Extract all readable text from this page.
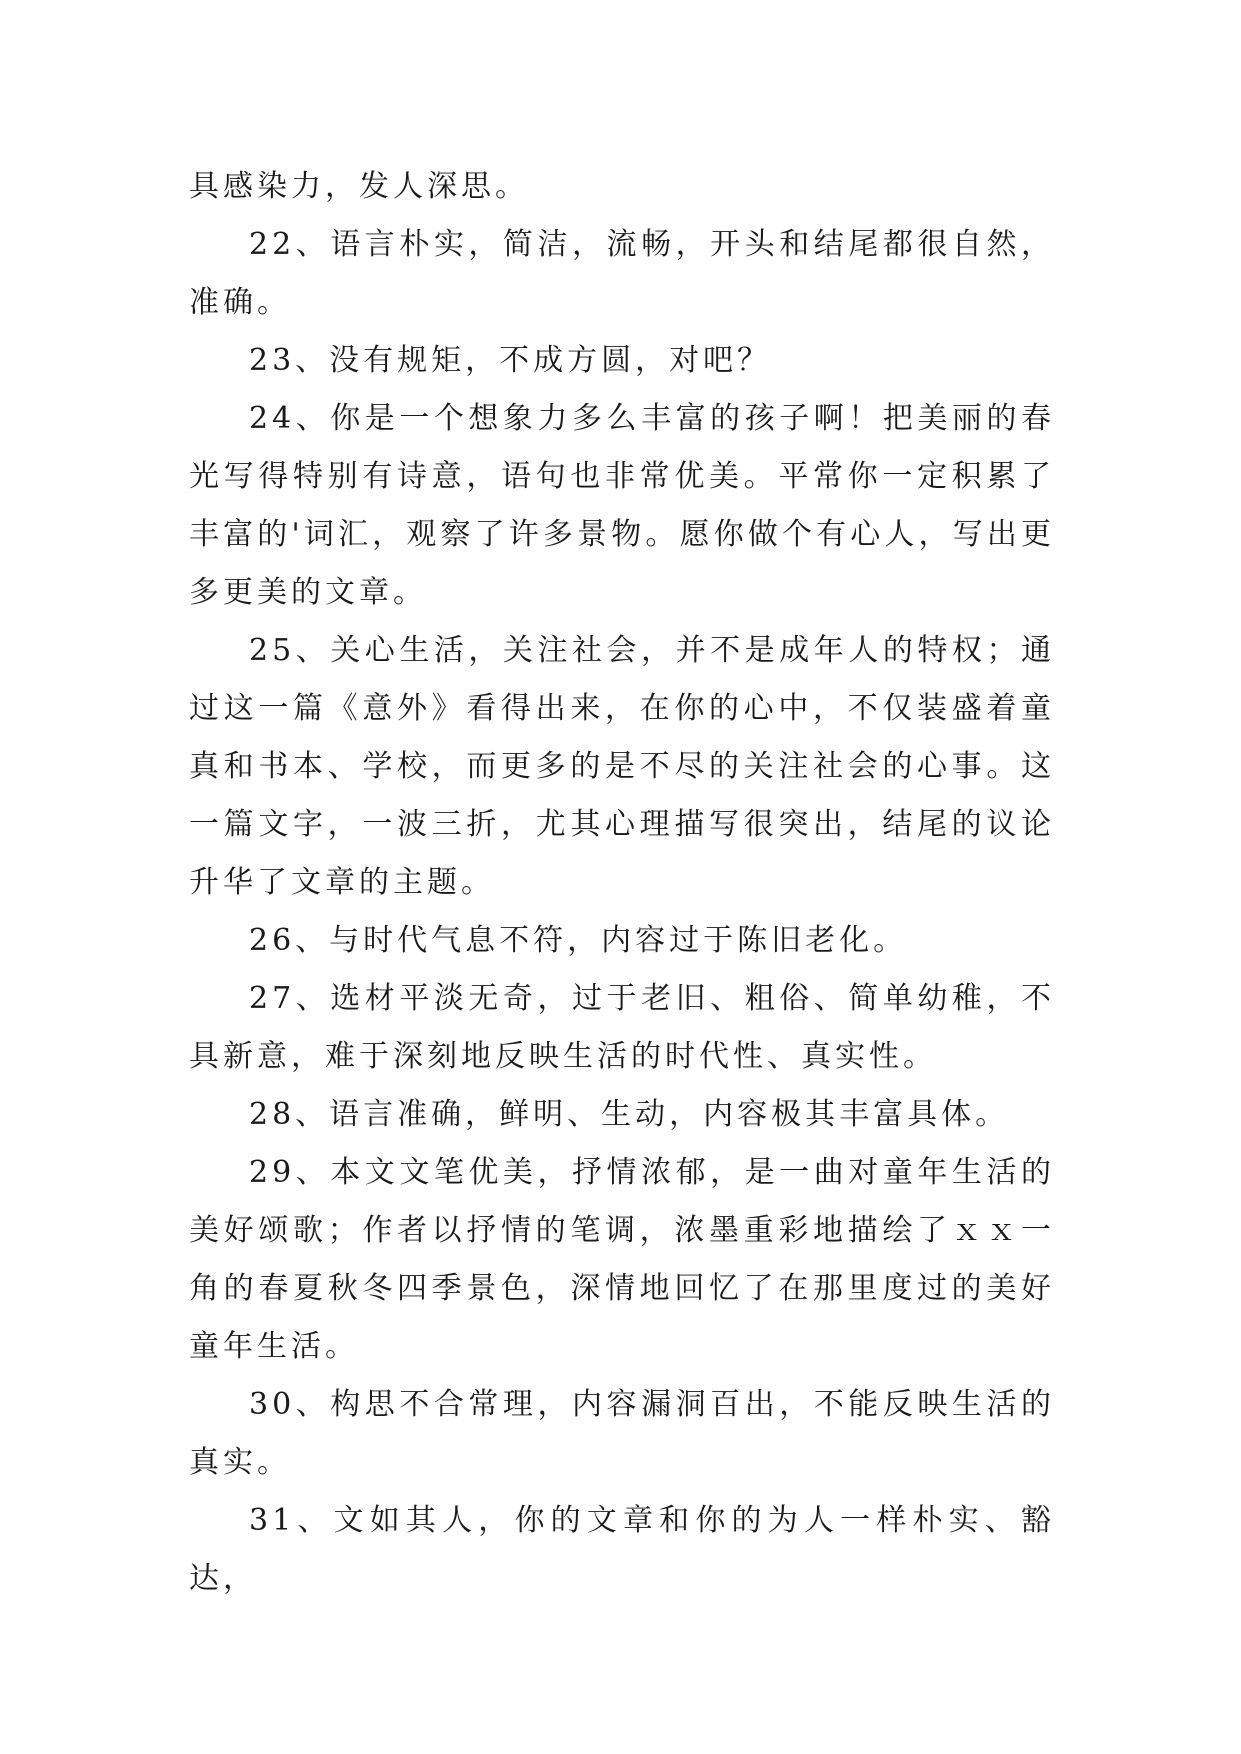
具感染力，发人深思。

22、语言朴实，简洁，流畅，开头和结尾都很自然，准确。

23、没有规矩，不成方圆，对吧？

24、你是一个想象力多么丰富的孩子啊！把美丽的春光写得特别有诗意，语句也非常优美。平常你一定积累了丰富的'词汇，观察了许多景物。愿你做个有心人，写出更多更美的文章。

25、关心生活，关注社会，并不是成年人的特权；通过这一篇《意外》看得出来，在你的心中，不仅装盛着童真和书本、学校，而更多的是不尽的关注社会的心事。这一篇文字，一波三折，尤其心理描写很突出，结尾的议论升华了文章的主题。

26、与时代气息不符，内容过于陈旧老化。

27、选材平淡无奇，过于老旧、粗俗、简单幼稚，不具新意，难于深刻地反映生活的时代性、真实性。

28、语言准确，鲜明、生动，内容极其丰富具体。

29、本文文笔优美，抒情浓郁，是一曲对童年生活的美好颂歌；作者以抒情的笔调，浓墨重彩地描绘了ｘｘ一角的春夏秋冬四季景色，深情地回忆了在那里度过的美好童年生活。

30、构思不合常理，内容漏洞百出，不能反映生活的真实。

31、文如其人，你的文章和你的为人一样朴实、豁达，
